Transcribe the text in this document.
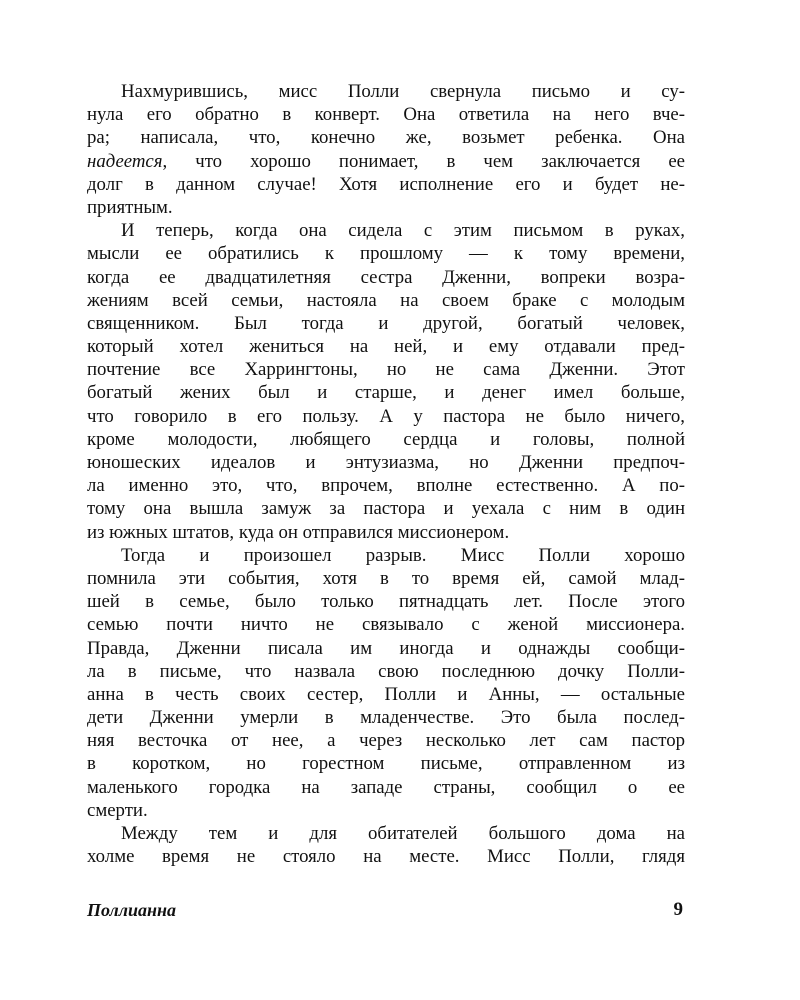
Нахмурившись, мисс Полли свернула письмо и су-
нула его обратно в конверт. Она ответила на него вче-
ра; написала, что, конечно же, возьмет ребенка. Она
надеется, что хорошо понимает, в чем заключается ее
долг в данном случае! Хотя исполнение его и будет не-
приятным.
И теперь, когда она сидела с этим письмом в руках,
мысли ее обратились к прошлому — к тому времени,
когда ее двадцатилетняя сестра Дженни, вопреки возра-
жениям всей семьи, настояла на своем браке с молодым
священником. Был тогда и другой, богатый человек,
который хотел жениться на ней, и ему отдавали пред-
почтение все Харрингтоны, но не сама Дженни. Этот
богатый жених был и старше, и денег имел больше,
что говорило в его пользу. А у пастора не было ничего,
кроме молодости, любящего сердца и головы, полной
юношеских идеалов и энтузиазма, но Дженни предпоч-
ла именно это, что, впрочем, вполне естественно. А по-
тому она вышла замуж за пастора и уехала с ним в один
из южных штатов, куда он отправился миссионером.
Тогда и произошел разрыв. Мисс Полли хорошо
помнила эти события, хотя в то время ей, самой млад-
шей в семье, было только пятнадцать лет. После этого
семью почти ничто не связывало с женой миссионера.
Правда, Дженни писала им иногда и однажды сообщи-
ла в письме, что назвала свою последнюю дочку Полли-
анна в честь своих сестер, Полли и Анны, — остальные
дети Дженни умерли в младенчестве. Это была послед-
няя весточка от нее, а через несколько лет сам пастор
в коротком, но горестном письме, отправленном из
маленького городка на западе страны, сообщил о ее
смерти.
Между тем и для обитателей большого дома на
холме время не стояло на месте. Мисс Полли, глядя
Поллианна	9
